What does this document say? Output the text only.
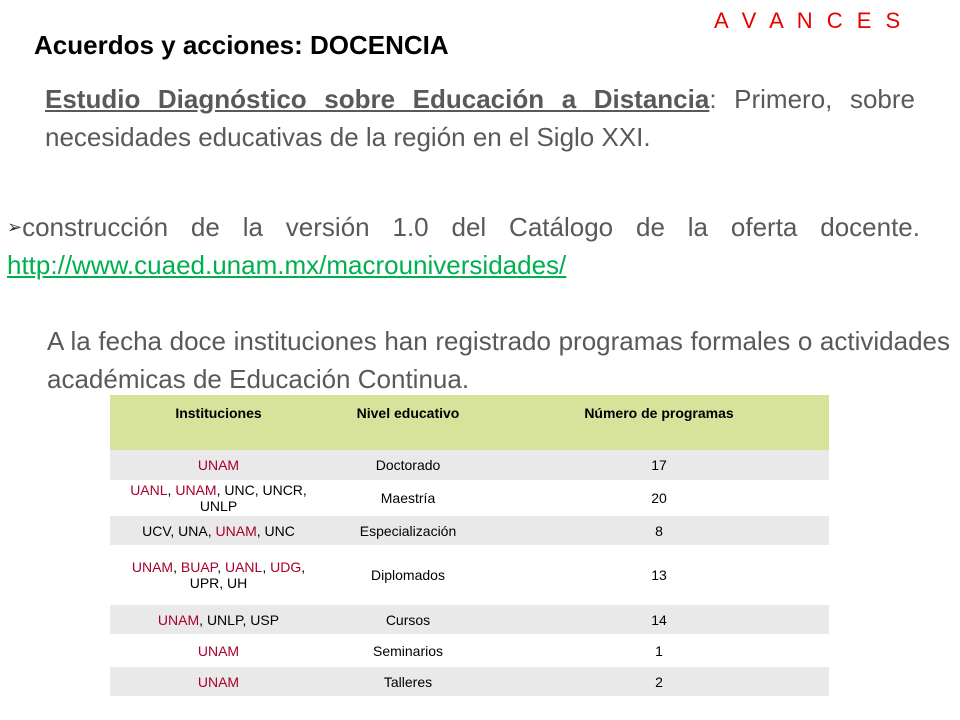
A V A N C E S
Acuerdos y acciones: DOCENCIA

Estudio Diagnóstico sobre Educación a Distancia: Primero, sobre necesidades educativas de la región en el Siglo XXI.

➢construcción de la versión 1.0 del Catálogo de la oferta docente. http://www.cuaed.unam.mx/macrouniversidades/

A la fecha doce instituciones han registrado programas formales o actividades académicas de Educación Continua.

Instituciones	Nivel educativo	Número de programas
UNAM	Doctorado	17
UANL, UNAM, UNC, UNCR, UNLP	Maestría	20
UCV, UNA, UNAM, UNC	Especialización	8
UNAM, BUAP, UANL, UDG, UPR, UH	Diplomados	13
UNAM, UNLP, USP	Cursos	14
UNAM	Seminarios	1
UNAM	Talleres	2
